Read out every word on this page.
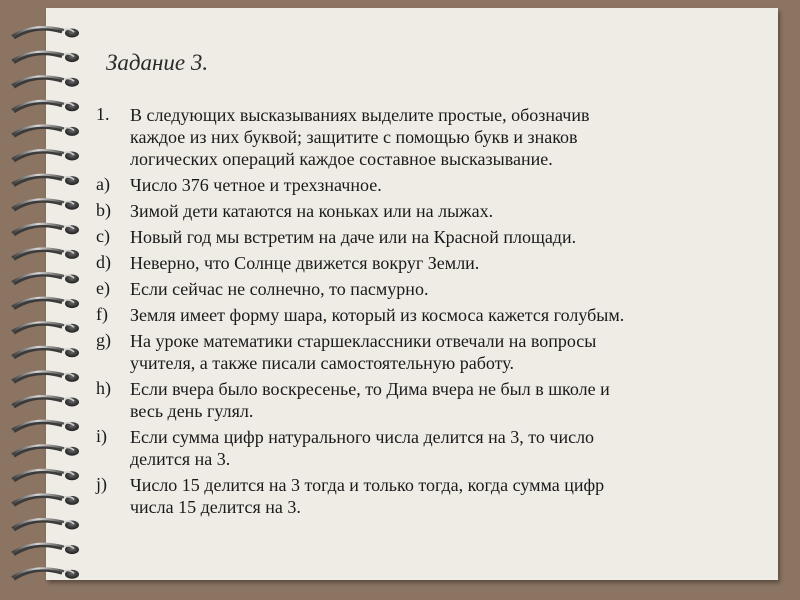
Задание 3.
1. В следующих высказываниях выделите простые, обозначив
каждое из них буквой; защитите с помощью букв и знаков
логических операций каждое составное высказывание.
a) Число 376 четное и трехзначное.
b) Зимой дети катаются на коньках или на лыжах.
c) Новый год мы встретим на даче или на Красной площади.
d) Неверно, что Солнце движется вокруг Земли.
e) Если сейчас не солнечно, то пасмурно.
f) Земля имеет форму шара, который из космоса кажется голубым.
g) На уроке математики старшеклассники отвечали на вопросы
учителя, а также писали самостоятельную работу.
h) Если вчера было воскресенье, то Дима вчера не был в школе и
весь день гулял.
i) Если сумма цифр натурального числа делится на 3, то число
делится на 3.
j) Число 15 делится на 3 тогда и только тогда, когда сумма цифр
числа 15 делится на 3.
